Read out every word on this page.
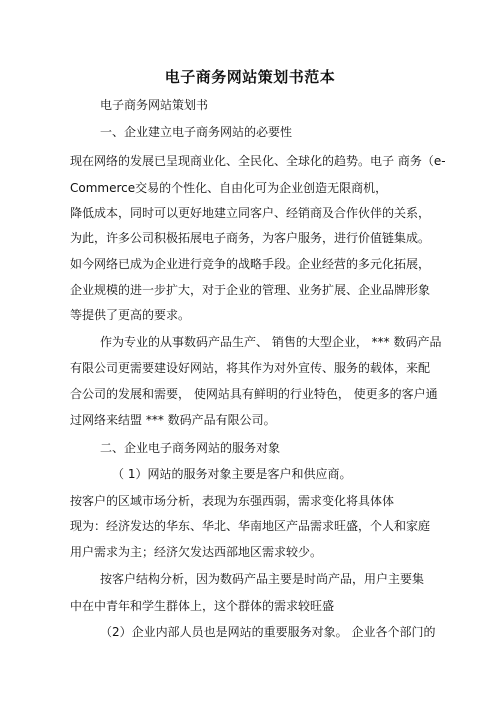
电子商务网站策划书范本
电子商务网站策划书
一、企业建立电子商务网站的必要性
现在网络的发展已呈现商业化、全民化、全球化的趋势。电子 商务（e-
Commerce交易的个性化、自由化可为企业创造无限商机，
降低成本，同时可以更好地建立同客户、经销商及合作伙伴的关系，
为此，许多公司积极拓展电子商务，为客户服务，进行价值链集成。
如今网络已成为企业进行竞争的战略手段。企业经营的多元化拓展，
企业规模的进一步扩大，对于企业的管理、业务扩展、企业品牌形象
等提供了更高的要求。
作为专业的从事数码产品生产、 销售的大型企业， *** 数码产品
有限公司更需要建设好网站，将其作为对外宣传、服务的载体，来配
合公司的发展和需要， 使网站具有鲜明的行业特色， 使更多的客户通
过网络来结盟 *** 数码产品有限公司。
二、企业电子商务网站的服务对象
（ 1）网站的服务对象主要是客户和供应商。
按客户的区域市场分析，表现为东强西弱，需求变化将具体体
现为：经济发达的华东、华北、华南地区产品需求旺盛，个人和家庭
用户需求为主；经济欠发达西部地区需求较少。
按客户结构分析，因为数码产品主要是时尚产品，用户主要集
中在中青年和学生群体上，这个群体的需求较旺盛
（2）企业内部人员也是网站的重要服务对象。 企业各个部门的
